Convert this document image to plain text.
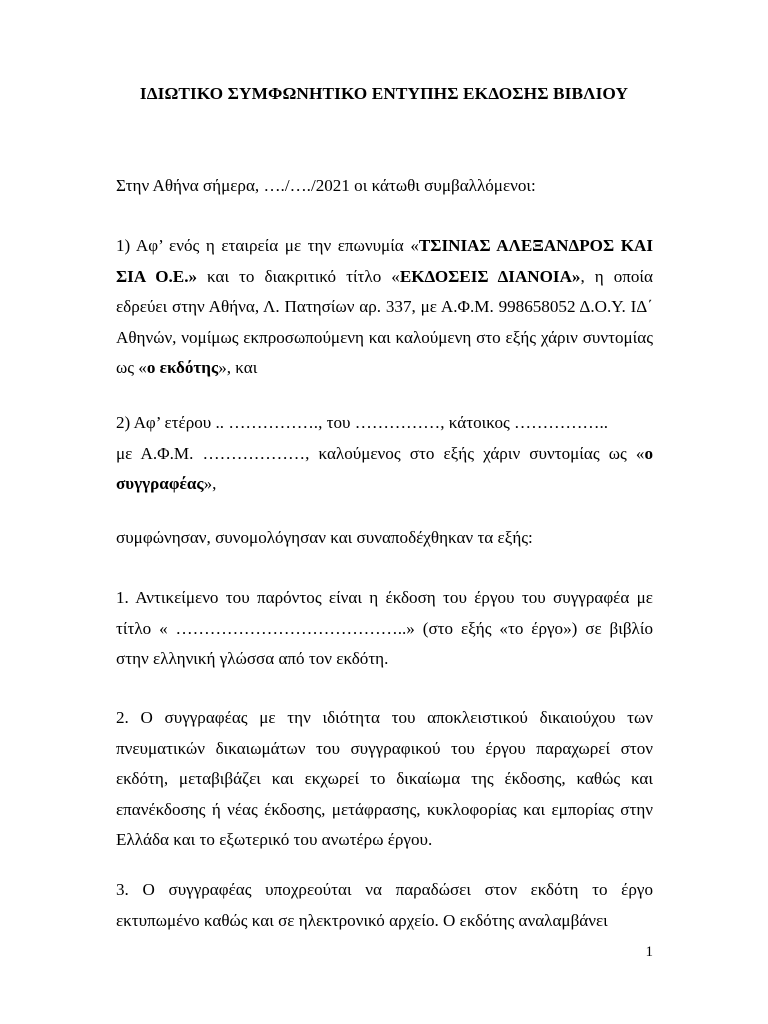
ΙΔΙΩΤΙΚΟ ΣΥΜΦΩΝΗΤΙΚΟ ΕΝΤΥΠΗΣ ΕΚΔΟΣΗΣ ΒΙΒΛΙΟΥ

Στην Αθήνα σήμερα, …./…./2021 οι κάτωθι συμβαλλόμενοι:

1) Αφ’ ενός η εταιρεία με την επωνυμία «ΤΣΙΝΙΑΣ ΑΛΕΞΑΝΔΡΟΣ ΚΑΙ ΣΙΑ Ο.Ε.» και το διακριτικό τίτλο «ΕΚΔΟΣΕΙΣ ΔΙΑΝΟΙΑ», η οποία εδρεύει στην Αθήνα, Λ. Πατησίων αρ. 337, με Α.Φ.Μ. 998658052 Δ.Ο.Υ. ΙΔ΄ Αθηνών, νομίμως εκπροσωπούμενη και καλούμενη στο εξής χάριν συντομίας ως «ο εκδότης», και

2) Αφ’ ετέρου .. ……………., του ……………, κάτοικος ……………..
με Α.Φ.Μ. ………………, καλούμενος στο εξής χάριν συντομίας ως «ο συγγραφέας»,

συμφώνησαν, συνομολόγησαν και συναποδέχθηκαν τα εξής:

1. Αντικείμενο του παρόντος είναι η έκδοση του έργου του συγγραφέα με τίτλο « …………………………………..» (στο εξής «το έργο») σε βιβλίο στην ελληνική γλώσσα από τον εκδότη.

2. Ο συγγραφέας με την ιδιότητα του αποκλειστικού δικαιούχου των πνευματικών δικαιωμάτων του συγγραφικού του έργου παραχωρεί στον εκδότη, μεταβιβάζει και εκχωρεί το δικαίωμα της έκδοσης, καθώς και επανέκδοσης ή νέας έκδοσης, μετάφρασης, κυκλοφορίας και εμπορίας στην Ελλάδα και το εξωτερικό του ανωτέρω έργου.

3. Ο συγγραφέας υποχρεούται να παραδώσει στον εκδότη το έργο εκτυπωμένο καθώς και σε ηλεκτρονικό αρχείο. Ο εκδότης αναλαμβάνει

1
